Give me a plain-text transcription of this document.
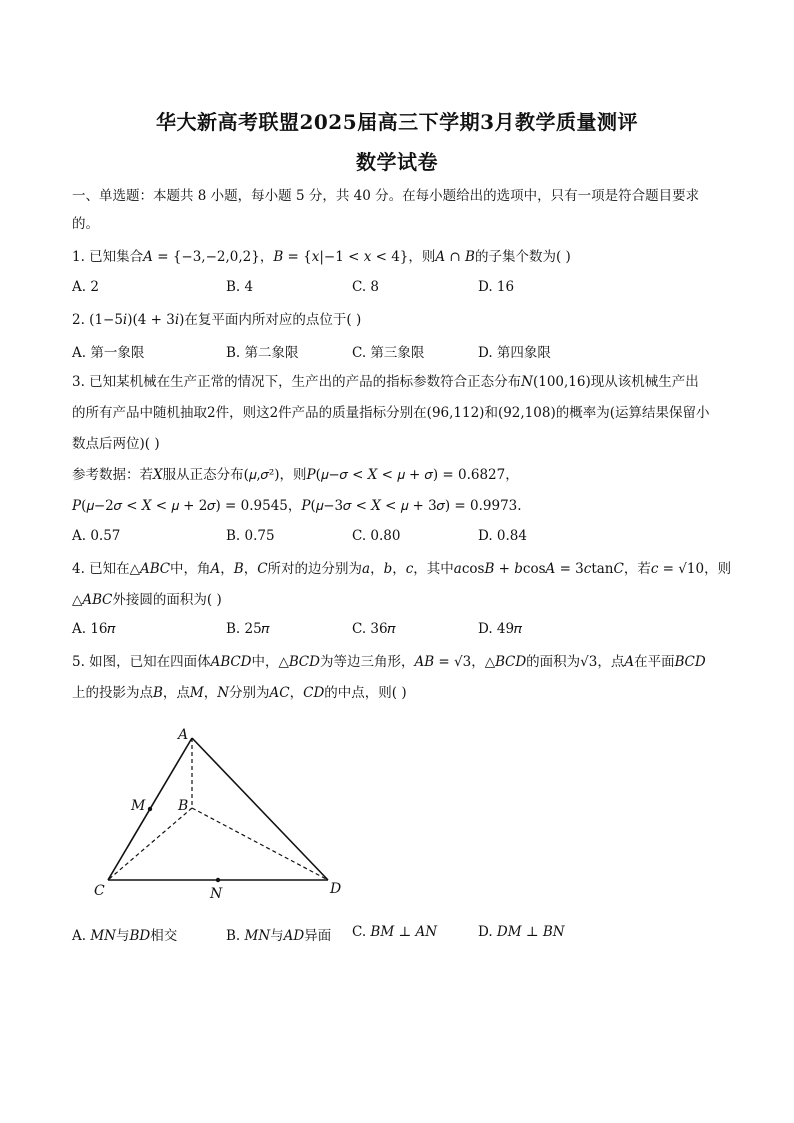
华大新高考联盟2025届高三下学期3月教学质量测评
数学试卷
一、单选题：本题共 8 小题，每小题 5 分，共 40 分。在每小题给出的选项中，只有一项是符合题目要求
的。
1. 已知集合𝐴 = {−3,−2,0,2}，𝐵 = {𝑥|−1 < 𝑥 < 4}，则𝐴 ∩ 𝐵的子集个数为( )
A. 2	B. 4	C. 8	D. 16
2. (1−5𝑖)(4 + 3𝑖)在复平面内所对应的点位于( )
A. 第一象限	B. 第二象限	C. 第三象限	D. 第四象限
3. 已知某机械在生产正常的情况下，生产出的产品的指标参数符合正态分布𝑁(100,16)现从该机械生产出
的所有产品中随机抽取2件，则这2件产品的质量指标分别在(96,112)和(92,108)的概率为(运算结果保留小
数点后两位)( )
参考数据：若𝑋服从正态分布(𝜇,𝜎²)，则𝑃(𝜇−𝜎 < 𝑋 < 𝜇 + 𝜎) = 0.6827，
𝑃(𝜇−2𝜎 < 𝑋 < 𝜇 + 2𝜎) = 0.9545，𝑃(𝜇−3𝜎 < 𝑋 < 𝜇 + 3𝜎) = 0.9973.
A. 0.57	B. 0.75	C. 0.80	D. 0.84
4. 已知在△𝐴𝐵𝐶中，角𝐴，𝐵，𝐶所对的边分别为𝑎，𝑏，𝑐，其中𝑎cos𝐵 + 𝑏cos𝐴 = 3𝑐tan𝐶，若𝑐 = √10，则
△𝐴𝐵𝐶外接圆的面积为( )
A. 16𝜋	B. 25𝜋	C. 36𝜋	D. 49𝜋
5. 如图，已知在四面体𝐴𝐵𝐶𝐷中，△𝐵𝐶𝐷为等边三角形，𝐴𝐵 = √3，△𝐵𝐶𝐷的面积为√3，点𝐴在平面𝐵𝐶𝐷
上的投影为点𝐵，点𝑀，𝑁分别为𝐴𝐶，𝐶𝐷的中点，则( )
A
B
C	D
M
N
A. 𝑀𝑁与𝐵𝐷相交	B. 𝑀𝑁与𝐴𝐷异面 C. 𝐵𝑀 ⊥ 𝐴𝑁	D. 𝐷𝑀 ⊥ 𝐵𝑁
